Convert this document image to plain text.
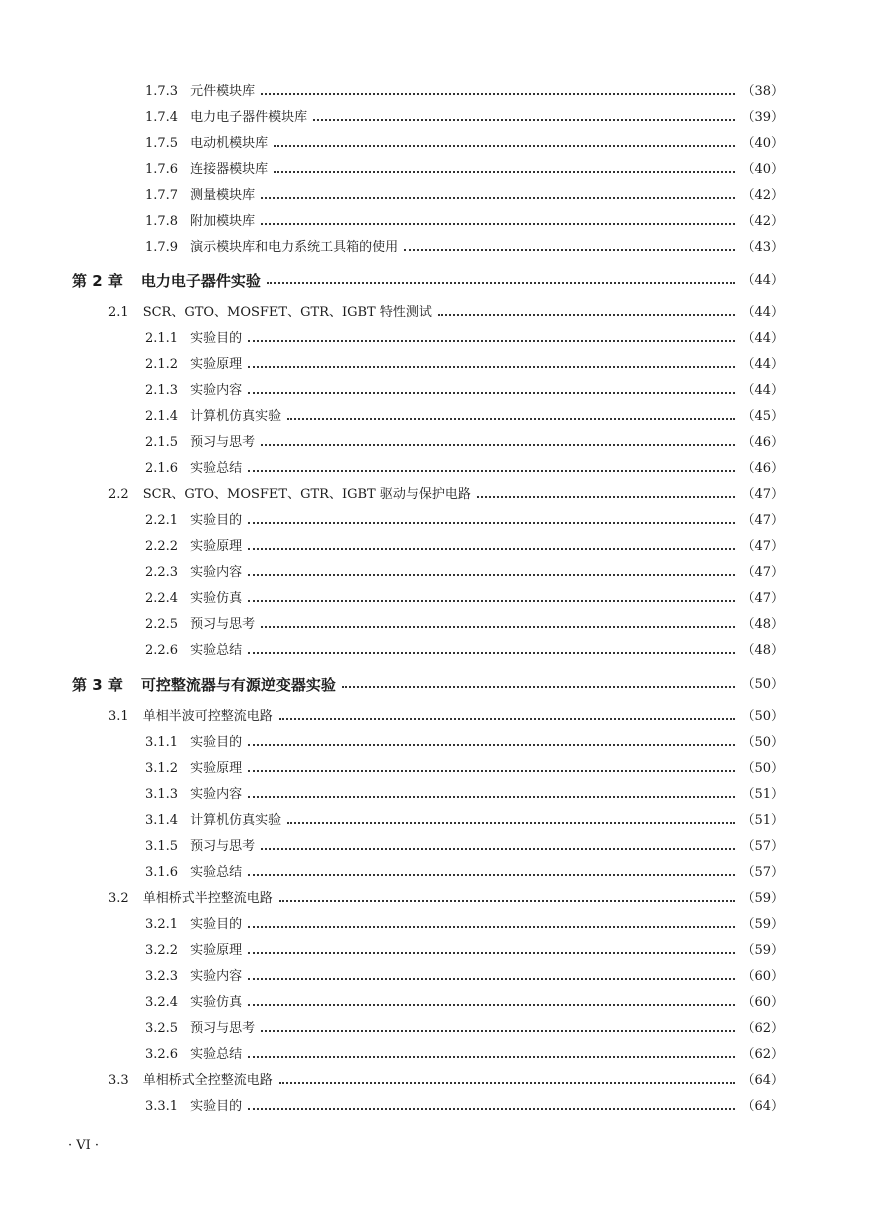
1.7.3 元件模块库	（38）
1.7.4 电力电子器件模块库	（39）
1.7.5 电动机模块库	（40）
1.7.6 连接器模块库	（40）
1.7.7 测量模块库	（42）
1.7.8 附加模块库	（42）
1.7.9 演示模块库和电力系统工具箱的使用	（43）
第 2 章 电力电子器件实验	（44）
2.1 SCR、GTO、MOSFET、GTR、IGBT 特性测试	（44）
2.1.1 实验目的	（44）
2.1.2 实验原理	（44）
2.1.3 实验内容	（44）
2.1.4 计算机仿真实验	（45）
2.1.5 预习与思考	（46）
2.1.6 实验总结	（46）
2.2 SCR、GTO、MOSFET、GTR、IGBT 驱动与保护电路	（47）
2.2.1 实验目的	（47）
2.2.2 实验原理	（47）
2.2.3 实验内容	（47）
2.2.4 实验仿真	（47）
2.2.5 预习与思考	（48）
2.2.6 实验总结	（48）
第 3 章 可控整流器与有源逆变器实验	（50）
3.1 单相半波可控整流电路	（50）
3.1.1 实验目的	（50）
3.1.2 实验原理	（50）
3.1.3 实验内容	（51）
3.1.4 计算机仿真实验	（51）
3.1.5 预习与思考	（57）
3.1.6 实验总结	（57）
3.2 单相桥式半控整流电路	（59）
3.2.1 实验目的	（59）
3.2.2 实验原理	（59）
3.2.3 实验内容	（60）
3.2.4 实验仿真	（60）
3.2.5 预习与思考	（62）
3.2.6 实验总结	（62）
3.3 单相桥式全控整流电路	（64）
3.3.1 实验目的	（64）
· VI ·
